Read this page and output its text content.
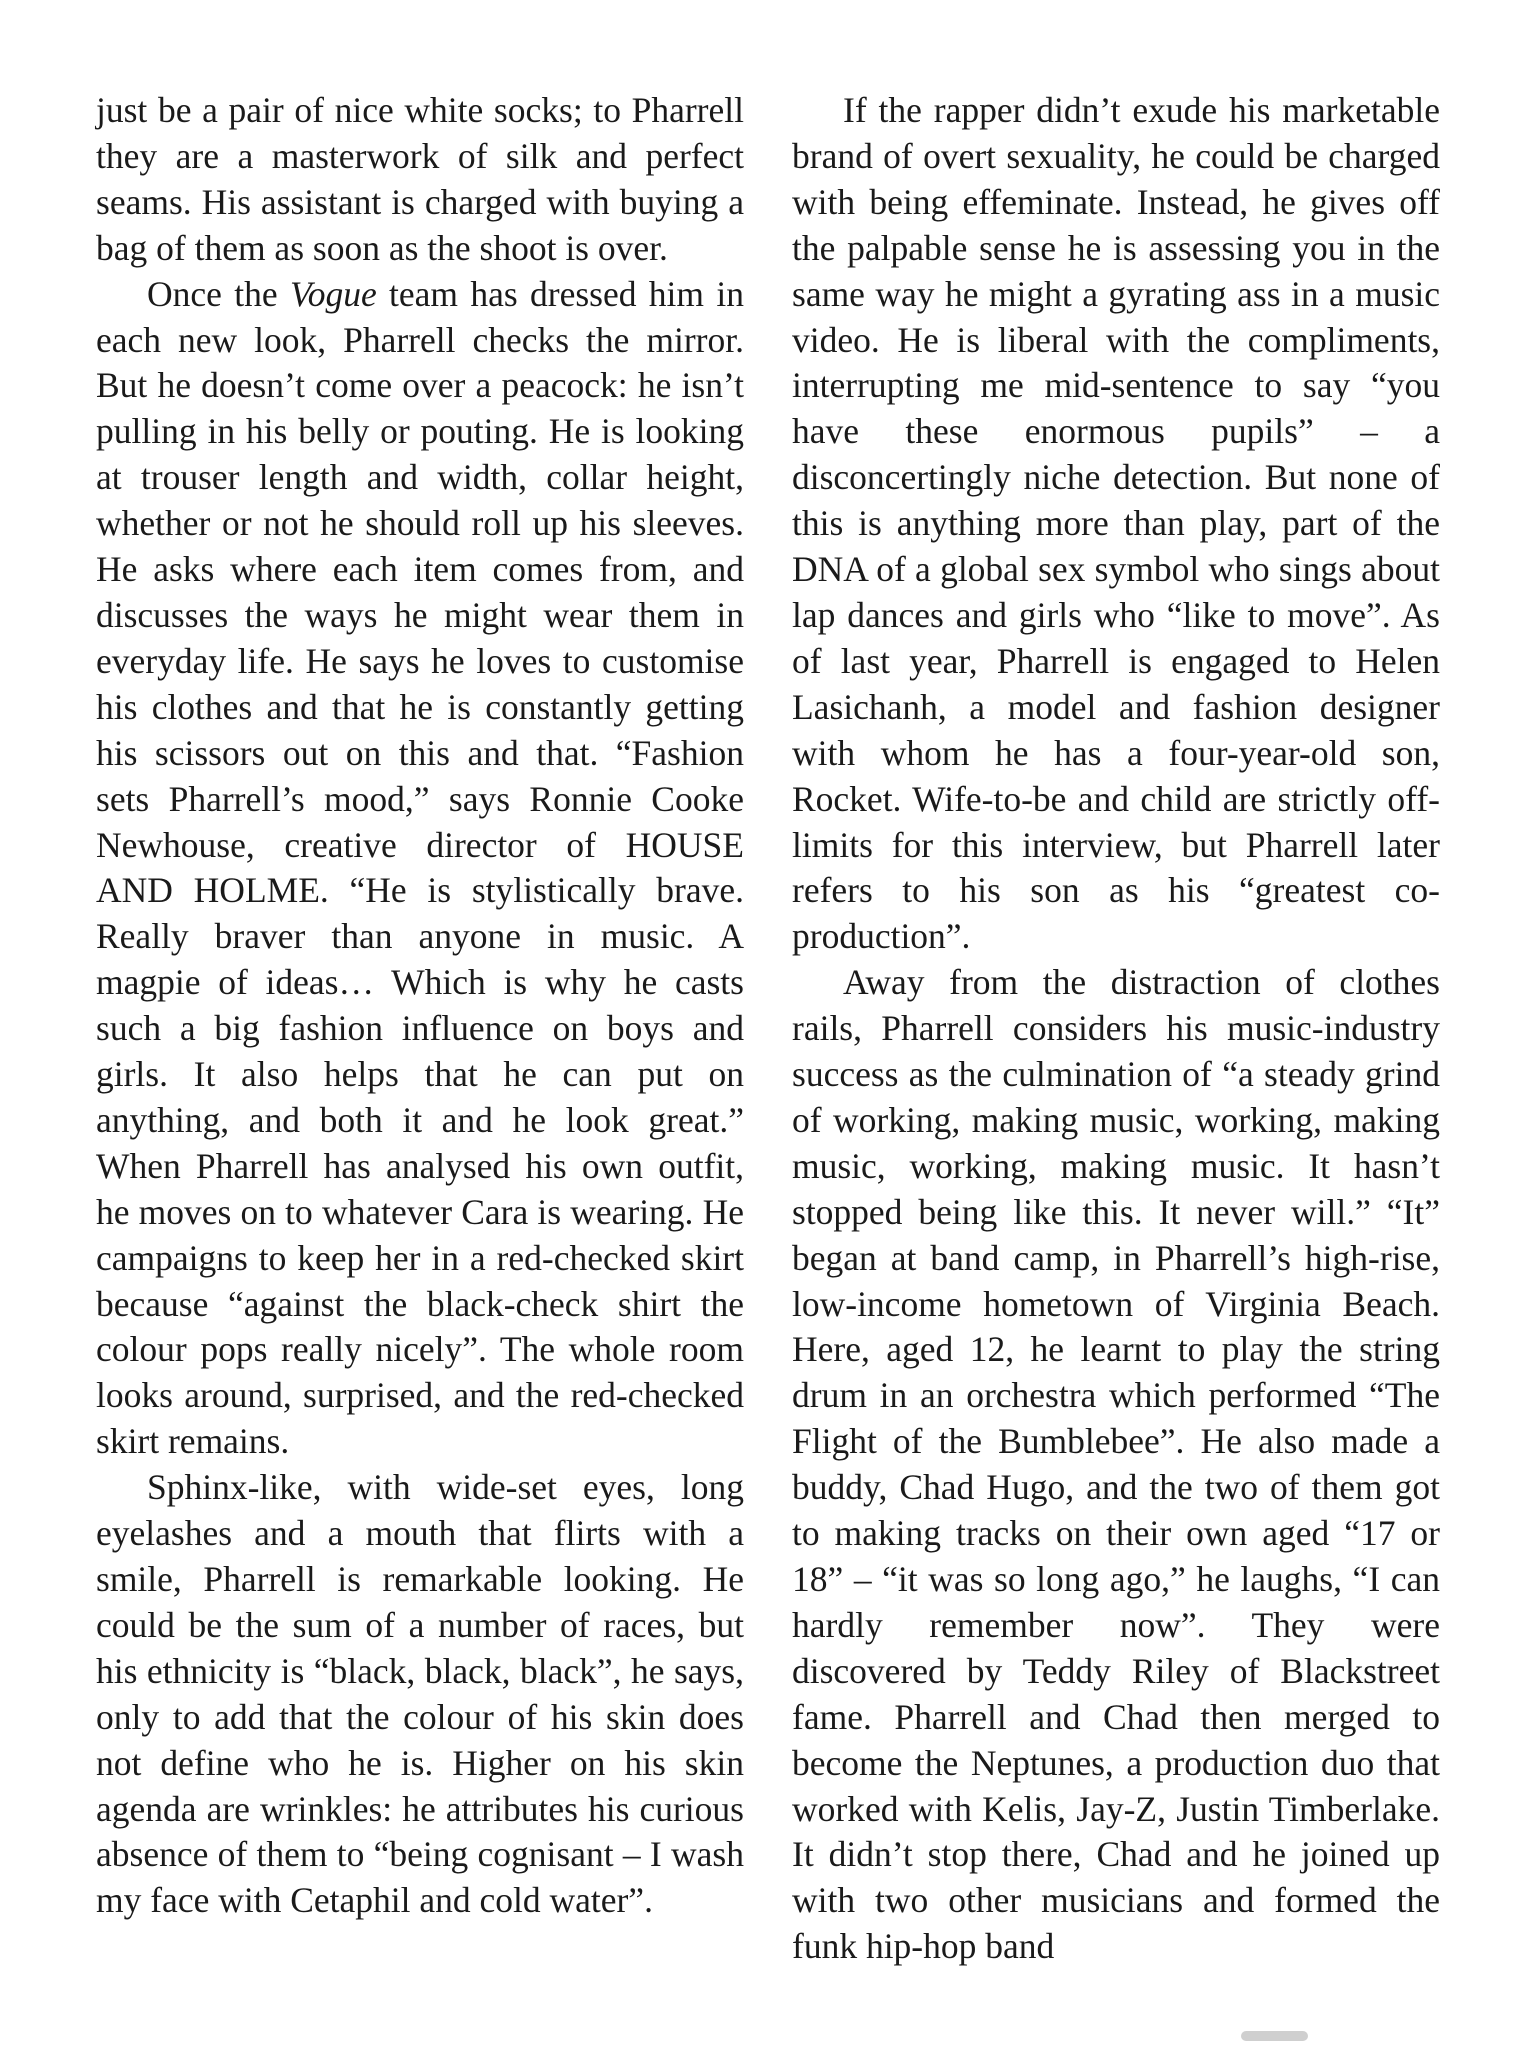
just be a pair of nice white socks; to Pharrell they are a masterwork of silk and perfect seams. His assistant is charged with buying a bag of them as soon as the shoot is over.

Once the Vogue team has dressed him in each new look, Pharrell checks the mirror. But he doesn’t come over a peacock: he isn’t pulling in his belly or pouting. He is looking at trouser length and width, collar height, whether or not he should roll up his sleeves. He asks where each item comes from, and discusses the ways he might wear them in everyday life. He says he loves to customise his clothes and that he is constantly getting his scissors out on this and that. “Fashion sets Pharrell’s mood,” says Ronnie Cooke Newhouse, creative director of HOUSE AND HOLME. “He is stylistically brave. Really braver than anyone in music. A magpie of ideas… Which is why he casts such a big fashion influence on boys and girls. It also helps that he can put on anything, and both it and he look great.” When Pharrell has analysed his own outfit, he moves on to whatever Cara is wearing. He campaigns to keep her in a red-checked skirt because “against the black-check shirt the colour pops really nicely”. The whole room looks around, surprised, and the red-checked skirt remains.

Sphinx-like, with wide-set eyes, long eyelashes and a mouth that flirts with a smile, Pharrell is remarkable looking. He could be the sum of a number of races, but his ethnicity is “black, black, black”, he says, only to add that the colour of his skin does not define who he is. Higher on his skin agenda are wrinkles: he attributes his curious absence of them to “being cognisant – I wash my face with Cetaphil and cold water”.

If the rapper didn’t exude his marketable brand of overt sexuality, he could be charged with being effeminate. Instead, he gives off the palpable sense he is assessing you in the same way he might a gyrating ass in a music video. He is liberal with the compliments, interrupting me mid-sentence to say “you have these enormous pupils” – a disconcertingly niche detection. But none of this is anything more than play, part of the DNA of a global sex symbol who sings about lap dances and girls who “like to move”. As of last year, Pharrell is engaged to Helen Lasichanh, a model and fashion designer with whom he has a four-year-old son, Rocket. Wife-to-be and child are strictly off-limits for this interview, but Pharrell later refers to his son as his “greatest co-production”.

Away from the distraction of clothes rails, Pharrell considers his music-industry success as the culmination of “a steady grind of working, making music, working, making music, working, making music. It hasn’t stopped being like this. It never will.” “It” began at band camp, in Pharrell’s high-rise, low-income hometown of Virginia Beach. Here, aged 12, he learnt to play the string drum in an orchestra which performed “The Flight of the Bumblebee”. He also made a buddy, Chad Hugo, and the two of them got to making tracks on their own aged “17 or 18” – “it was so long ago,” he laughs, “I can hardly remember now”. They were discovered by Teddy Riley of Blackstreet fame. Pharrell and Chad then merged to become the Neptunes, a production duo that worked with Kelis, Jay-Z, Justin Timberlake. It didn’t stop there, Chad and he joined up with two other musicians and formed the funk hip-hop band
